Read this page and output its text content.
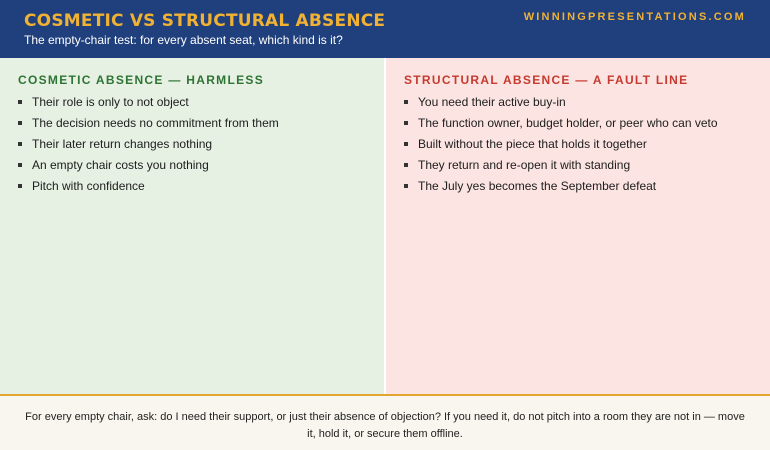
COSMETIC VS STRUCTURAL ABSENCE
The empty-chair test: for every absent seat, which kind is it?
WINNINGPRESENTATIONS.COM
COSMETIC ABSENCE — HARMLESS
Their role is only to not object
The decision needs no commitment from them
Their later return changes nothing
An empty chair costs you nothing
Pitch with confidence
STRUCTURAL ABSENCE — A FAULT LINE
You need their active buy-in
The function owner, budget holder, or peer who can veto
Built without the piece that holds it together
They return and re-open it with standing
The July yes becomes the September defeat
For every empty chair, ask: do I need their support, or just their absence of objection? If you need it, do not pitch into a room they are not in — move it, hold it, or secure them offline.
